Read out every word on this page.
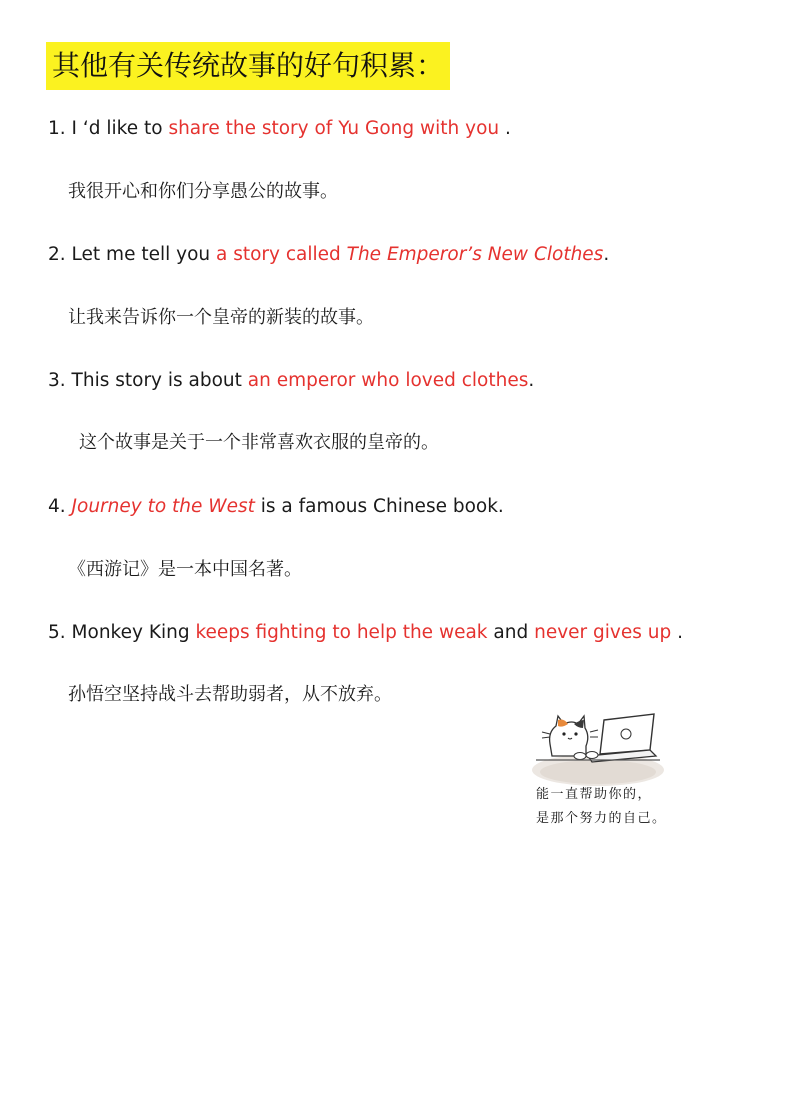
其他有关传统故事的好句积累：
1. I ‘d like to share the story of Yu Gong with you .
我很开心和你们分享愚公的故事。
2. Let me tell you a story called The Emperor’s New Clothes.
让我来告诉你一个皇帝的新装的故事。
3. This story is about an emperor who loved clothes.
这个故事是关于一个非常喜欢衣服的皇帝的。
4. Journey to the West is a famous Chinese book.
《西游记》是一本中国名著。
5. Monkey King keeps fighting to help the weak and never gives up .
孙悟空坚持战斗去帮助弱者，从不放弃。
能一直帮助你的，
是那个努力的自己。
